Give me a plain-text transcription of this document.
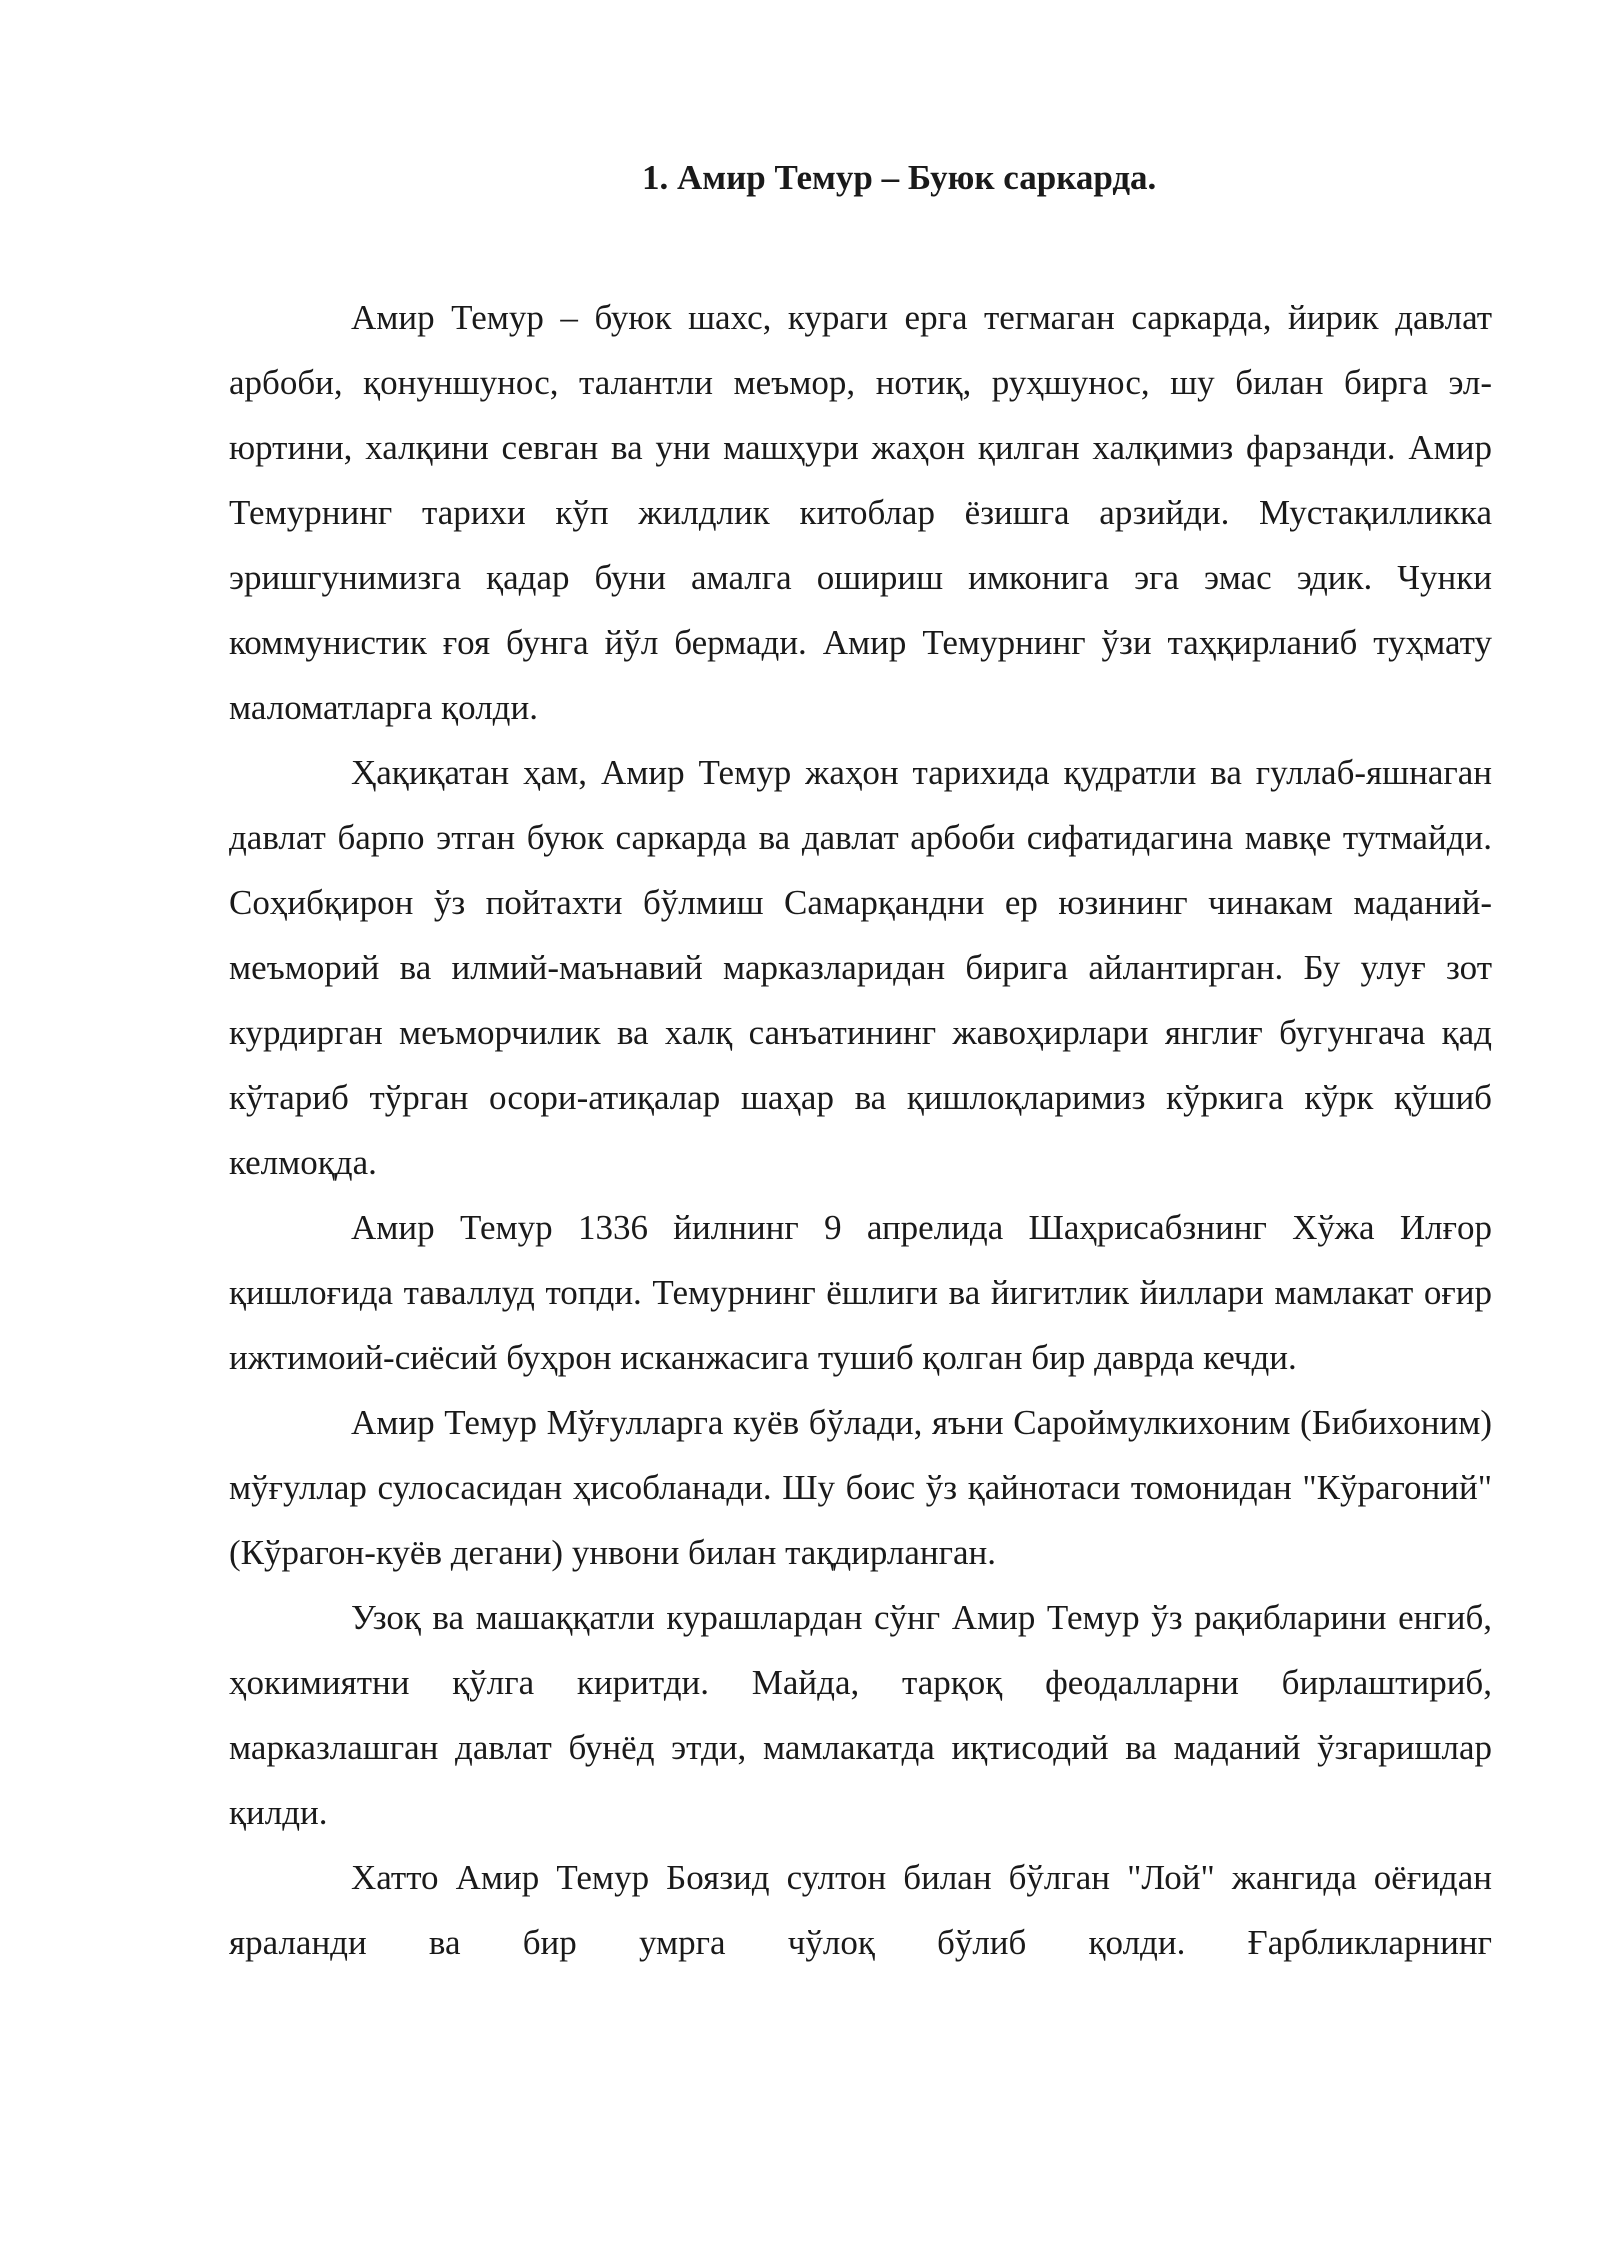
1. Амир Темур – Буюк саркарда.

Амир Темур – буюк шахс, кураги ерга тегмаган саркарда, йирик давлат арбоби, қонуншунос, талантли меъмор, нотиқ, руҳшунос, шу билан бирга эл-юртини, халқини севган ва уни машҳури жаҳон қилган халқимиз фарзанди. Амир Темурнинг тарихи кўп жилдлик китоблар ёзишга арзийди. Мустақилликка эришгунимизга қадар буни амалга ошириш имконига эга эмас эдик. Чунки коммунистик ғоя бунга йўл бермади. Амир Темурнинг ўзи таҳқирланиб туҳмату маломатларга қолди.

Ҳақиқатан ҳам, Амир Темур жаҳон тарихида қудратли ва гуллаб-яшнаган давлат барпо этган буюк саркарда ва давлат арбоби сифатидагина мавқе тутмайди. Соҳибқирон ўз пойтахти бўлмиш Самарқандни ер юзининг чинакам маданий-меъморий ва илмий-маънавий марказларидан бирига айлантирган. Бу улуғ зот курдирган меъморчилик ва халқ санъатининг жавоҳирлари янглиғ бугунгача қад кўтариб тўрган осори-атиқалар шаҳар ва қишлоқларимиз кўркига кўрк қўшиб келмоқда.

Амир Темур 1336 йилнинг 9 апрелида Шаҳрисабзнинг Хўжа Илғор қишлоғида таваллуд топди. Темурнинг ёшлиги ва йигитлик йиллари мамлакат оғир ижтимоий-сиёсий буҳрон исканжасига тушиб қолган бир даврда кечди.

Амир Темур Мўғулларга куёв бўлади, яъни Сароймулкихоним (Бибихоним) мўғуллар сулосасидан ҳисобланади. Шу боис ўз қайнотаси томонидан "Кўрагоний" (Кўрагон-куёв дегани) унвони билан тақдирланган.

Узоқ ва машаққатли курашлардан сўнг Амир Темур ўз рақибларини енгиб, ҳокимиятни қўлга киритди. Майда, тарқоқ феодалларни бирлаштириб, марказлашган давлат бунёд этди, мамлакатда иқтисодий ва маданий ўзгаришлар қилди.

Хатто Амир Темур Боязид султон билан бўлган "Лой" жангида оёғидан яраланди ва бир умрга чўлоқ бўлиб қолди. Ғарбликларнинг
